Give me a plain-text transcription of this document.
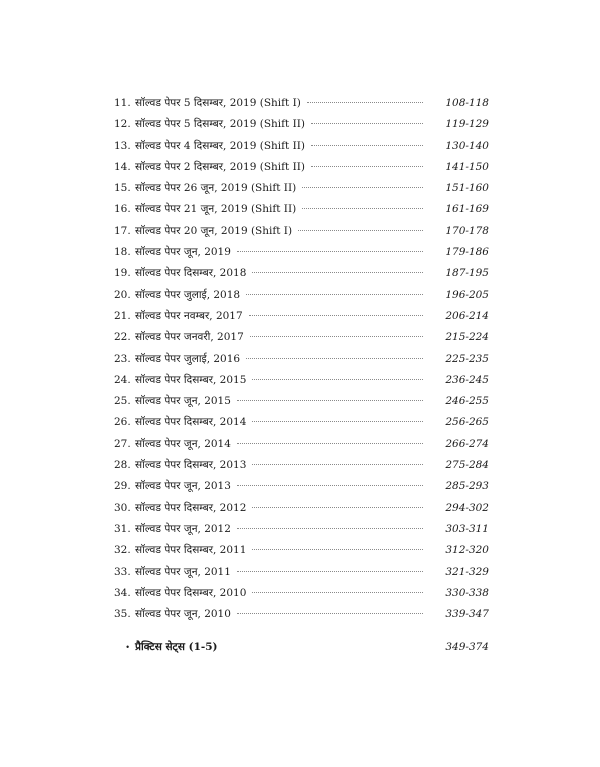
11. सॉल्वड पेपर 5 दिसम्बर, 2019 (Shift I)	108-118
12. सॉल्वड पेपर 5 दिसम्बर, 2019 (Shift II)	119-129
13. सॉल्वड पेपर 4 दिसम्बर, 2019 (Shift II)	130-140
14. सॉल्वड पेपर 2 दिसम्बर, 2019 (Shift II)	141-150
15. सॉल्वड पेपर 26 जून, 2019 (Shift II)	151-160
16. सॉल्वड पेपर 21 जून, 2019 (Shift II)	161-169
17. सॉल्वड पेपर 20 जून, 2019 (Shift I)	170-178
18. सॉल्वड पेपर जून, 2019	179-186
19. सॉल्वड पेपर दिसम्बर, 2018	187-195
20. सॉल्वड पेपर जुलाई, 2018	196-205
21. सॉल्वड पेपर नवम्बर, 2017	206-214
22. सॉल्वड पेपर जनवरी, 2017	215-224
23. सॉल्वड पेपर जुलाई, 2016	225-235
24. सॉल्वड पेपर दिसम्बर, 2015	236-245
25. सॉल्वड पेपर जून, 2015	246-255
26. सॉल्वड पेपर दिसम्बर, 2014	256-265
27. सॉल्वड पेपर जून, 2014	266-274
28. सॉल्वड पेपर दिसम्बर, 2013	275-284
29. सॉल्वड पेपर जून, 2013	285-293
30. सॉल्वड पेपर दिसम्बर, 2012	294-302
31. सॉल्वड पेपर जून, 2012	303-311
32. सॉल्वड पेपर दिसम्बर, 2011	312-320
33. सॉल्वड पेपर जून, 2011	321-329
34. सॉल्वड पेपर दिसम्बर, 2010	330-338
35. सॉल्वड पेपर जून, 2010	339-347
• प्रैक्टिस सेट्स (1-5)	349-374
